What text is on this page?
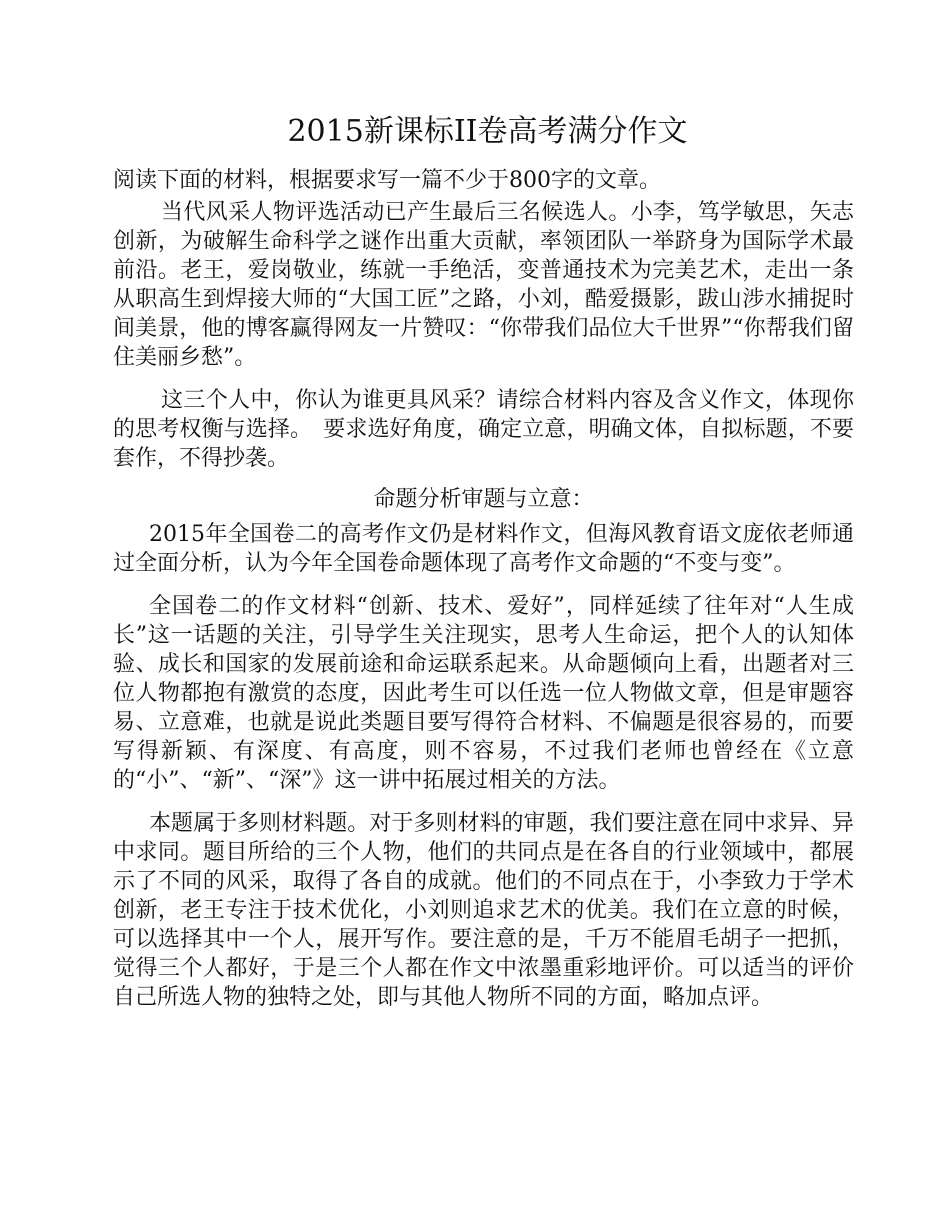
2015新课标II卷高考满分作文

阅读下面的材料，根据要求写一篇不少于800字的文章。

当代风采人物评选活动已产生最后三名候选人。小李，笃学敏思，矢志创新，为破解生命科学之谜作出重大贡献，率领团队一举跻身为国际学术最前沿。老王，爱岗敬业，练就一手绝活，变普通技术为完美艺术，走出一条从职高生到焊接大师的“大国工匠”之路，小刘，酷爱摄影，跋山涉水捕捉时间美景，他的博客赢得网友一片赞叹：“你带我们品位大千世界”“你帮我们留住美丽乡愁”。

这三个人中，你认为谁更具风采？请综合材料内容及含义作文，体现你的思考权衡与选择。　要求选好角度，确定立意，明确文体，自拟标题，不要套作，不得抄袭。

命题分析审题与立意：

2015年全国卷二的高考作文仍是材料作文，但海风教育语文庞依老师通过全面分析，认为今年全国卷命题体现了高考作文命题的“不变与变”。

全国卷二的作文材料“创新、技术、爱好”，同样延续了往年对“人生成长”这一话题的关注，引导学生关注现实，思考人生命运，把个人的认知体验、成长和国家的发展前途和命运联系起来。从命题倾向上看，出题者对三位人物都抱有激赏的态度，因此考生可以任选一位人物做文章，但是审题容易、立意难，也就是说此类题目要写得符合材料、不偏题是很容易的，而要写得新颖、有深度、有高度，则不容易，不过我们老师也曾经在《立意的“小”、“新”、“深”》这一讲中拓展过相关的方法。

本题属于多则材料题。对于多则材料的审题，我们要注意在同中求异、异中求同。题目所给的三个人物，他们的共同点是在各自的行业领域中，都展示了不同的风采，取得了各自的成就。他们的不同点在于，小李致力于学术创新，老王专注于技术优化，小刘则追求艺术的优美。我们在立意的时候，可以选择其中一个人，展开写作。要注意的是，千万不能眉毛胡子一把抓，觉得三个人都好，于是三个人都在作文中浓墨重彩地评价。可以适当的评价自己所选人物的独特之处，即与其他人物所不同的方面，略加点评。
